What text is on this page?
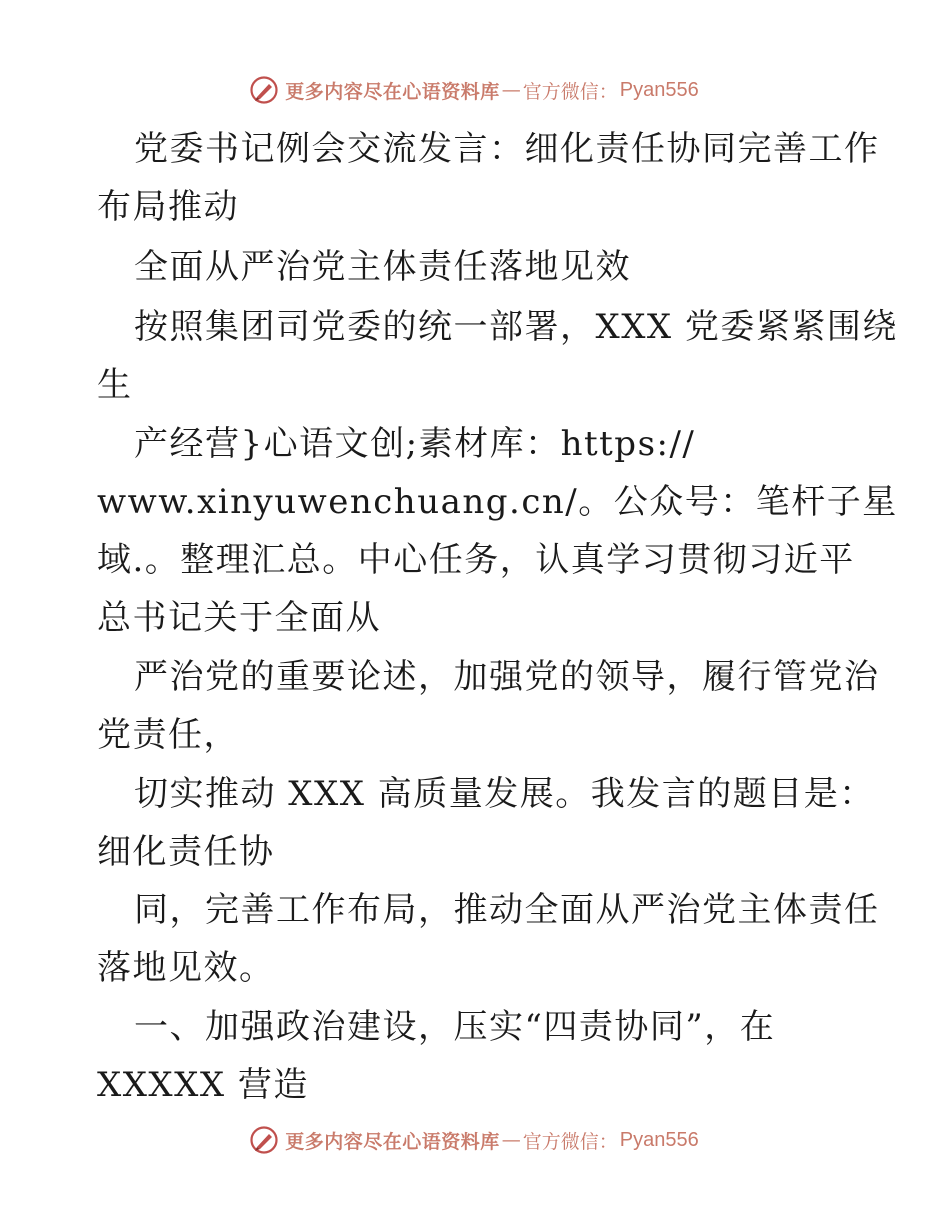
更多内容尽在心语资料库 — 官方微信： Pyan556
党委书记例会交流发言：细化责任协同完善工作
布局推动
全面从严治党主体责任落地见效
按照集团司党委的统一部署，XXX 党委紧紧围绕
生
产经营}心语文创;素材库：https://
www.xinyuwenchuang.cn/。公众号：笔杆子星
域.。整理汇总。中心任务，认真学习贯彻习近平
总书记关于全面从
严治党的重要论述，加强党的领导，履行管党治
党责任，
切实推动 XXX 高质量发展。我发言的题目是：
细化责任协
同，完善工作布局，推动全面从严治党主体责任
落地见效。
一、加强政治建设，压实“四责协同”，在
XXXXX 营造
更多内容尽在心语资料库 — 官方微信： Pyan556
